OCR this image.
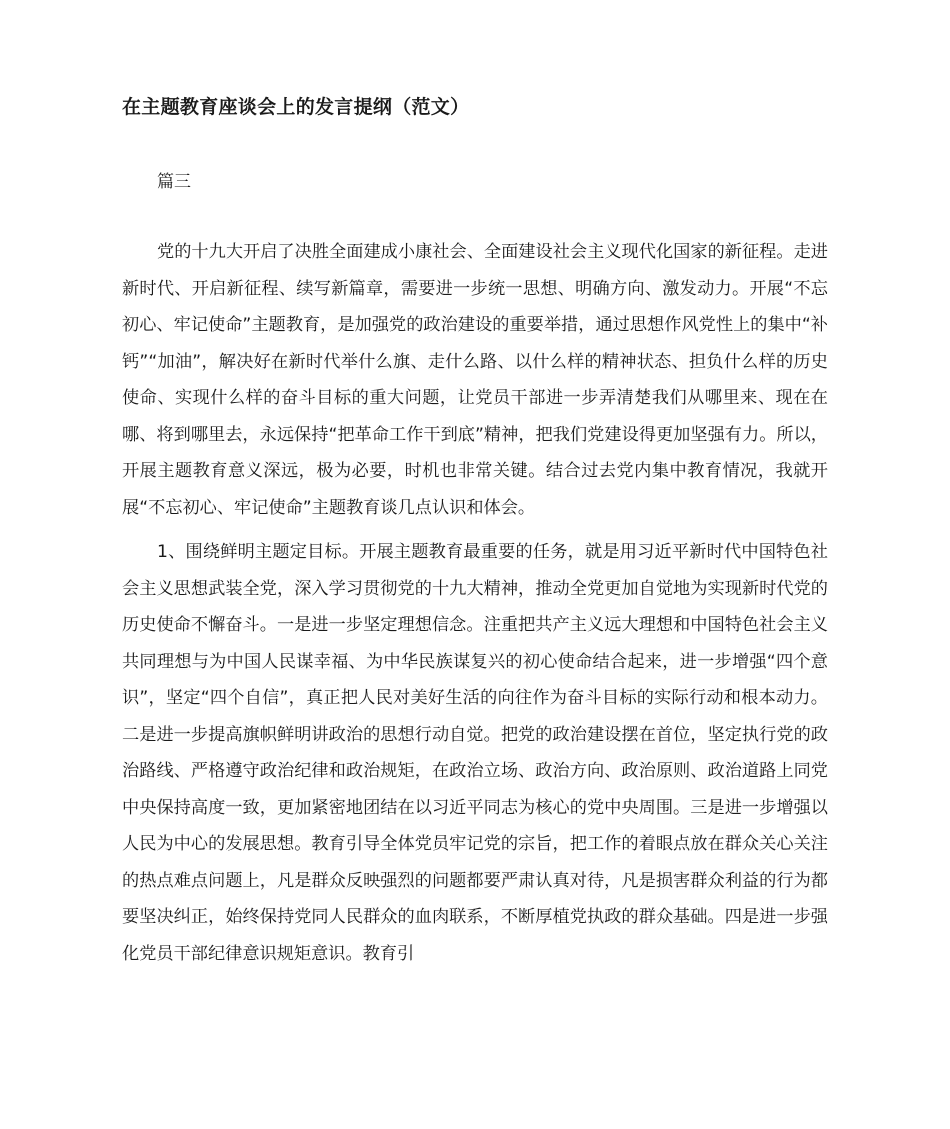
在主题教育座谈会上的发言提纲（范文）
篇三

党的十九大开启了决胜全面建成小康社会、全面建设社会主义现代化国家的新征程。走进新时代、开启新征程、续写新篇章，需要进一步统一思想、明确方向、激发动力。开展“不忘初心、牢记使命”主题教育，是加强党的政治建设的重要举措，通过思想作风党性上的集中“补钙”“加油”，解决好在新时代举什么旗、走什么路、以什么样的精神状态、担负什么样的历史使命、实现什么样的奋斗目标的重大问题，让党员干部进一步弄清楚我们从哪里来、现在在哪、将到哪里去，永远保持“把革命工作干到底”精神，把我们党建设得更加坚强有力。所以，开展主题教育意义深远，极为必要，时机也非常关键。结合过去党内集中教育情况，我就开展“不忘初心、牢记使命”主题教育谈几点认识和体会。

1、围绕鲜明主题定目标。开展主题教育最重要的任务，就是用习近平新时代中国特色社会主义思想武装全党，深入学习贯彻党的十九大精神，推动全党更加自觉地为实现新时代党的历史使命不懈奋斗。一是进一步坚定理想信念。注重把共产主义远大理想和中国特色社会主义共同理想与为中国人民谋幸福、为中华民族谋复兴的初心使命结合起来，进一步增强“四个意识”，坚定“四个自信”，真正把人民对美好生活的向往作为奋斗目标的实际行动和根本动力。二是进一步提高旗帜鲜明讲政治的思想行动自觉。把党的政治建设摆在首位，坚定执行党的政治路线、严格遵守政治纪律和政治规矩，在政治立场、政治方向、政治原则、政治道路上同党中央保持高度一致，更加紧密地团结在以习近平同志为核心的党中央周围。三是进一步增强以人民为中心的发展思想。教育引导全体党员牢记党的宗旨，把工作的着眼点放在群众关心关注的热点难点问题上，凡是群众反映强烈的问题都要严肃认真对待，凡是损害群众利益的行为都要坚决纠正，始终保持党同人民群众的血肉联系，不断厚植党执政的群众基础。四是进一步强化党员干部纪律意识规矩意识。教育引
